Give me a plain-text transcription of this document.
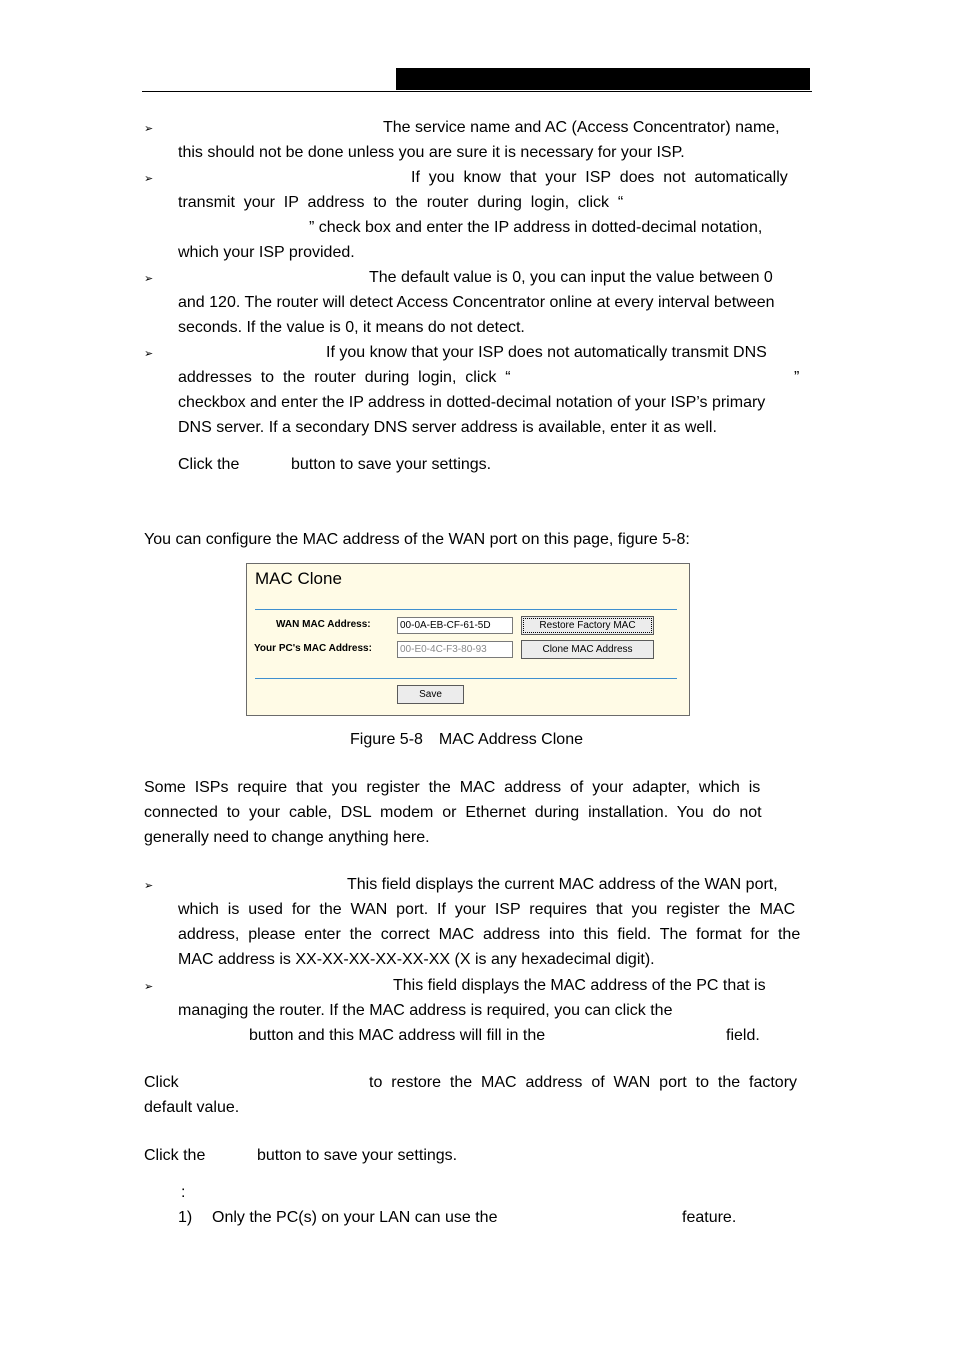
➢	The service name and AC (Access Concentrator) name,
this should not be done unless you are sure it is necessary for your ISP.
➢	If  you  know  that  your  ISP  does  not  automatically
transmit  your  IP  address  to  the  router  during  login,  click  “
” check box and enter the IP address in dotted-decimal notation,
which your ISP provided.
➢	The default value is 0, you can input the value between 0
and 120. The router will detect Access Concentrator online at every interval between
seconds. If the value is 0, it means do not detect.
➢	If you know that your ISP does not automatically transmit DNS
addresses  to  the  router  during  login,  click  “	”
checkbox and enter the IP address in dotted-decimal notation of your ISP’s primary
DNS server. If a secondary DNS server address is available, enter it as well.
Click the	button to save your settings.
You can configure the MAC address of the WAN port on this page, figure 5-8:
MAC Clone
WAN MAC Address:	00-0A-EB-CF-61-5D	Restore Factory MAC
Your PC's MAC Address:	00-E0-4C-F3-80-93	Clone MAC Address
Save
Figure 5-8　MAC Address Clone
Some  ISPs  require  that  you  register  the  MAC  address  of  your  adapter,  which  is
connected  to  your  cable,  DSL  modem  or  Ethernet  during  installation.  You  do  not
generally need to change anything here.
➢	This field displays the current MAC address of the WAN port,
which  is  used  for  the  WAN  port.  If  your  ISP  requires  that  you  register  the  MAC
address,  please  enter  the  correct  MAC  address  into  this  field.  The  format  for  the
MAC address is XX-XX-XX-XX-XX-XX (X is any hexadecimal digit).
➢	This field displays the MAC address of the PC that is
managing the router. If the MAC address is required, you can click the
button and this MAC address will fill in the	field.
Click	to  restore  the  MAC  address  of  WAN  port  to  the  factory
default value.
Click the	button to save your settings.
:
1) Only the PC(s) on your LAN can use the	feature.
